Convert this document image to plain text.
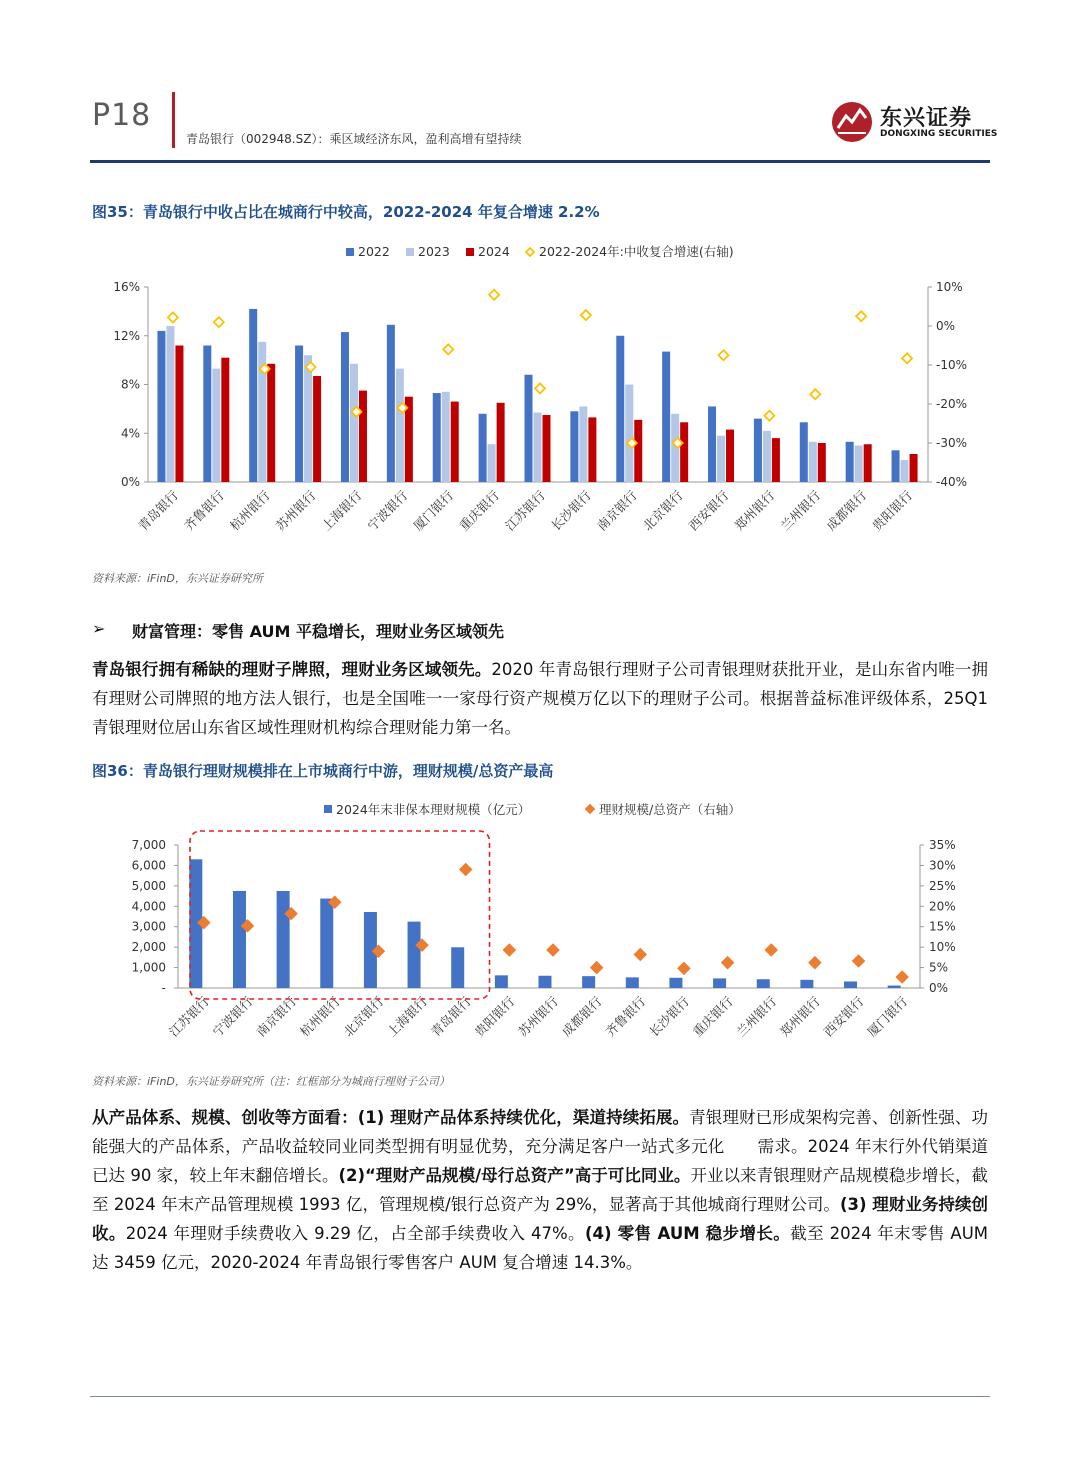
P18
青岛银行（002948.SZ）：乘区域经济东风，盈利高增有望持续
东兴证券
DONGXING SECURITIES
图35：青岛银行中收占比在城商行中较高，2022-2024 年复合增速 2.2%
2022 2023 2024 2022-2024年:中收复合增速(右轴)
0%
4%
8%
12%
16%
-40%
-30%
-20%
-10%
0%
10%
青岛银行 齐鲁银行 杭州银行 苏州银行 上海银行 宁波银行 厦门银行 重庆银行 江苏银行 长沙银行 南京银行 北京银行 西安银行 郑州银行 兰州银行 成都银行 贵阳银行
资料来源：iFinD，东兴证券研究所
➢ 财富管理：零售 AUM 平稳增长，理财业务区域领先
青岛银行拥有稀缺的理财子牌照，理财业务区域领先。2020 年青岛银行理财子公司青银理财获批开业，是山东省内唯一拥有理财公司牌照的地方法人银行，也是全国唯一一家母行资产规模万亿以下的理财子公司。根据普益标准评级体系，25Q1 青银理财位居山东省区域性理财机构综合理财能力第一名。
图36：青岛银行理财规模排在上市城商行中游，理财规模/总资产最高
2024年末非保本理财规模（亿元）	理财规模/总资产（右轴）
-
1,000
2,000
3,000
4,000
5,000
6,000
7,000
0%
5%
10%
15%
20%
25%
30%
35%
江苏银行
宁波银行
南京银行
杭州银行
北京银行
上海银行
青岛银行
贵阳银行
苏州银行
成都银行
齐鲁银行
长沙银行
重庆银行
兰州银行
郑州银行
西安银行
厦门银行
资料来源：iFinD，东兴证券研究所（注：红框部分为城商行理财子公司）
从产品体系、规模、创收等方面看：(1) 理财产品体系持续优化，渠道持续拓展。青银理财已形成架构完善、创新性强、功能强大的产品体系，产品收益较同业同类型拥有明显优势，充分满足客户一站式多元化　　需求。2024 年末行外代销渠道已达 90 家，较上年末翻倍增长。(2)“理财产品规模/母行总资产”高于可比同业。开业以来青银理财产品规模稳步增长，截至 2024 年末产品管理规模 1993 亿，管理规模/银行总资产为 29%，显著高于其他城商行理财公司。(3) 理财业务持续创收。2024 年理财手续费收入 9.29 亿，占全部手续费收入 47%。(4) 零售 AUM 稳步增长。截至 2024 年末零售 AUM 达 3459 亿元，2020-2024 年青岛银行零售客户 AUM 复合增速 14.3%。
